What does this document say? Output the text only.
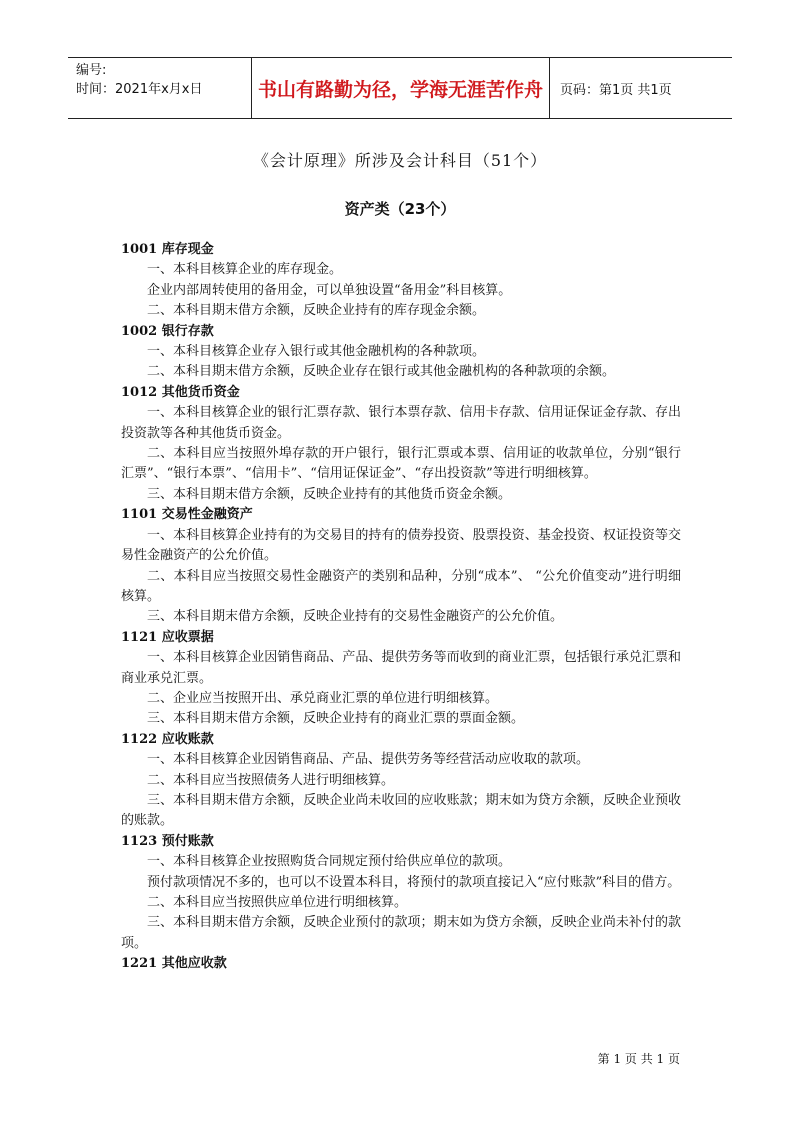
编号:
时间：2021年x月x日	书山有路勤为径，学海无涯苦作舟	页码：第1页 共1页
《会计原理》所涉及会计科目（51个）
资产类（23个）
1001 库存现金
一、本科目核算企业的库存现金。
企业内部周转使用的备用金，可以单独设置“备用金”科目核算。
二、本科目期末借方余额，反映企业持有的库存现金余额。
1002 银行存款
一、本科目核算企业存入银行或其他金融机构的各种款项。
二、本科目期末借方余额，反映企业存在银行或其他金融机构的各种款项的余额。
1012 其他货币资金
一、本科目核算企业的银行汇票存款、银行本票存款、信用卡存款、信用证保证金存款、存出投资款等各种其他货币资金。
二、本科目应当按照外埠存款的开户银行，银行汇票或本票、信用证的收款单位，分别“银行汇票”、“银行本票”、“信用卡”、“信用证保证金”、“存出投资款”等进行明细核算。
三、本科目期末借方余额，反映企业持有的其他货币资金余额。
1101 交易性金融资产
一、本科目核算企业持有的为交易目的持有的债券投资、股票投资、基金投资、权证投资等交易性金融资产的公允价值。
二、本科目应当按照交易性金融资产的类别和品种，分别“成本”、 “公允价值变动”进行明细核算。
三、本科目期末借方余额，反映企业持有的交易性金融资产的公允价值。
1121 应收票据
一、本科目核算企业因销售商品、产品、提供劳务等而收到的商业汇票，包括银行承兑汇票和商业承兑汇票。
二、企业应当按照开出、承兑商业汇票的单位进行明细核算。
三、本科目期末借方余额，反映企业持有的商业汇票的票面金额。
1122 应收账款
一、本科目核算企业因销售商品、产品、提供劳务等经营活动应收取的款项。
二、本科目应当按照债务人进行明细核算。
三、本科目期末借方余额，反映企业尚未收回的应收账款；期末如为贷方余额，反映企业预收的账款。
1123 预付账款
一、本科目核算企业按照购货合同规定预付给供应单位的款项。
预付款项情况不多的，也可以不设置本科目，将预付的款项直接记入“应付账款”科目的借方。
二、本科目应当按照供应单位进行明细核算。
三、本科目期末借方余额，反映企业预付的款项；期末如为贷方余额，反映企业尚未补付的款项。
1221 其他应收款
第 1 页 共 1 页
